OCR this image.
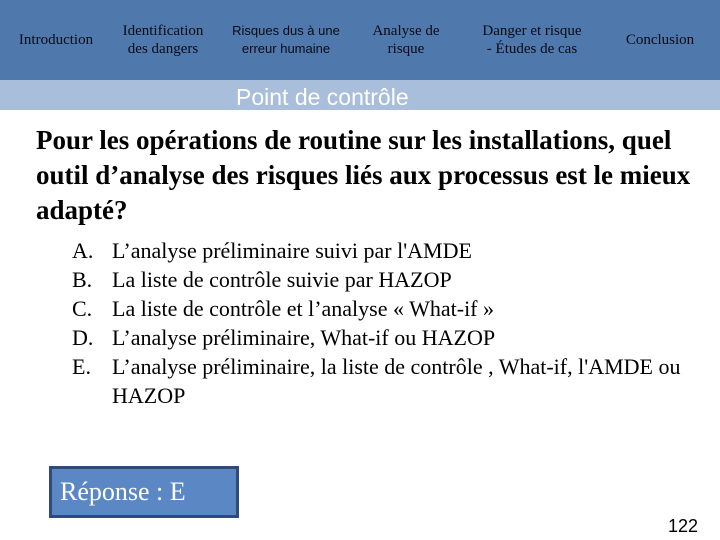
Introduction
Identification
des dangers
Risques dus à une
erreur humaine
Analyse de
risque
Danger et risque
- Études de cas
Conclusion
Point de contrôle
Pour les opérations de routine sur les installations, quel outil d’analyse des risques liés aux processus est le mieux adapté?
A. L’analyse préliminaire suivi par l'AMDE
B. La liste de contrôle suivie par HAZOP
C. La liste de contrôle et l’analyse « What-if »
D. L’analyse préliminaire, What-if ou HAZOP
E. L’analyse préliminaire, la liste de contrôle , What-if, l'AMDE ou HAZOP
Réponse : E
122
